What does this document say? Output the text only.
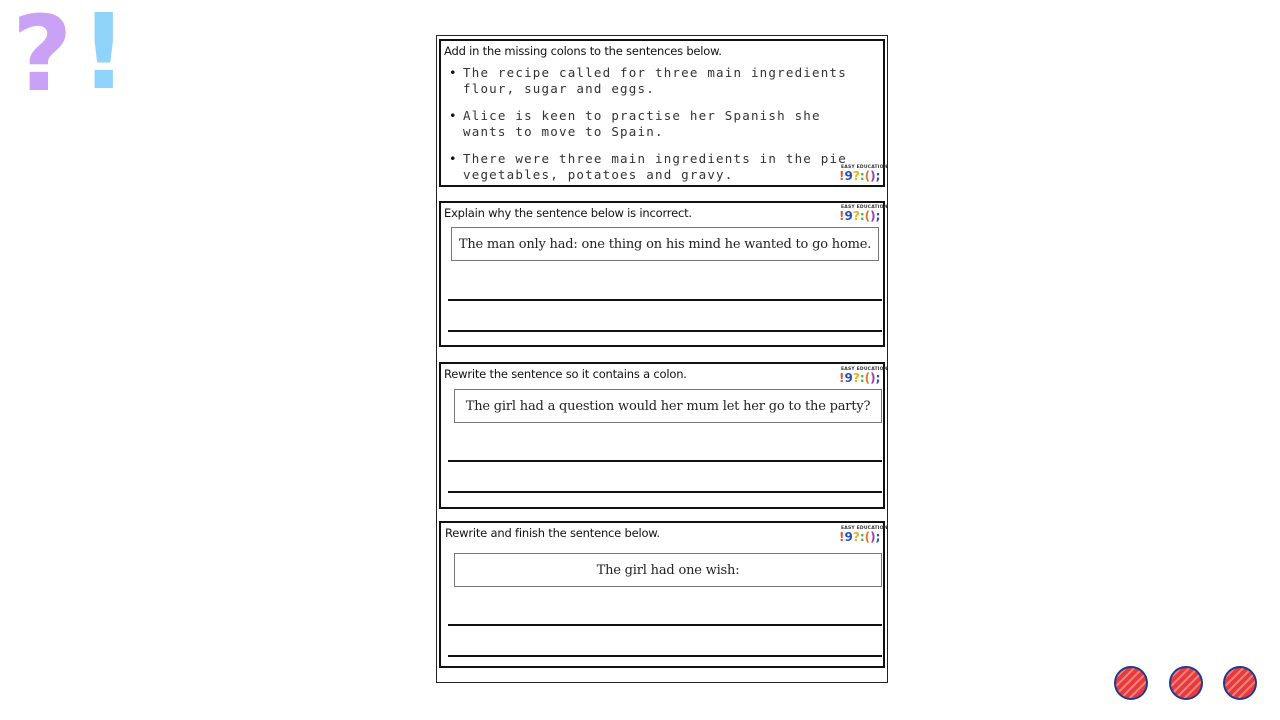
? !	Add in the missing colons to the sentences below.
• The recipe called for three main ingredients flour, sugar and eggs.
• Alice is keen to practise her Spanish she wants to move to Spain.
• There were three main ingredients in the pie vegetables, potatoes and gravy.	EASY EDUCATION
!9?:();
Explain why the sentence below is incorrect.	EASY EDUCATION
!9?:();
The man only had: one thing on his mind he wanted to go home.
Rewrite the sentence so it contains a colon.	EASY EDUCATION
!9?:();
The girl had a question would her mum let her go to the party?
Rewrite and finish the sentence below.	EASY EDUCATION
!9?:();
The girl had one wish:
